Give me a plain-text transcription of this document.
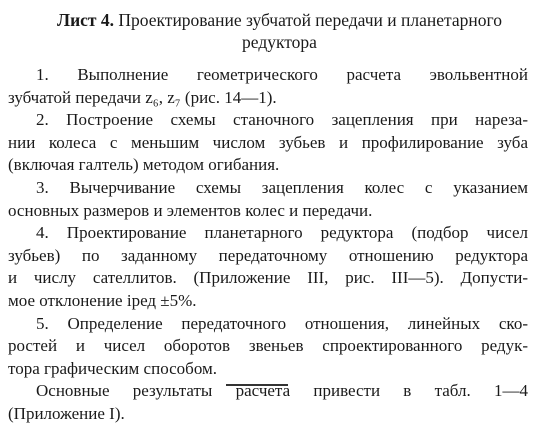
Лист 4. Проектирование зубчатой передачи и планетарного
редуктора
1. Выполнение геометрического расчета эвольвентной
зубчатой передачи z₆, z₇ (рис. 14—1).
2. Построение схемы станочного зацепления при нареза-
нии колеса с меньшим числом зубьев и профилирование зуба
(включая галтель) методом огибания.
3. Вычерчивание схемы зацепления колес с указанием
основных размеров и элементов колес и передачи.
4. Проектирование планетарного редуктора (подбор чисел
зубьев) по заданному передаточному отношению редуктора
и числу сателлитов. (Приложение III, рис. III—5). Допусти-
мое отклонение iред ±5%.
5. Определение передаточного отношения, линейных ско-
ростей и чисел оборотов звеньев спроектированного редук-
тора графическим способом.
Основные результаты расчета привести в табл. 1—4
(Приложение I).
